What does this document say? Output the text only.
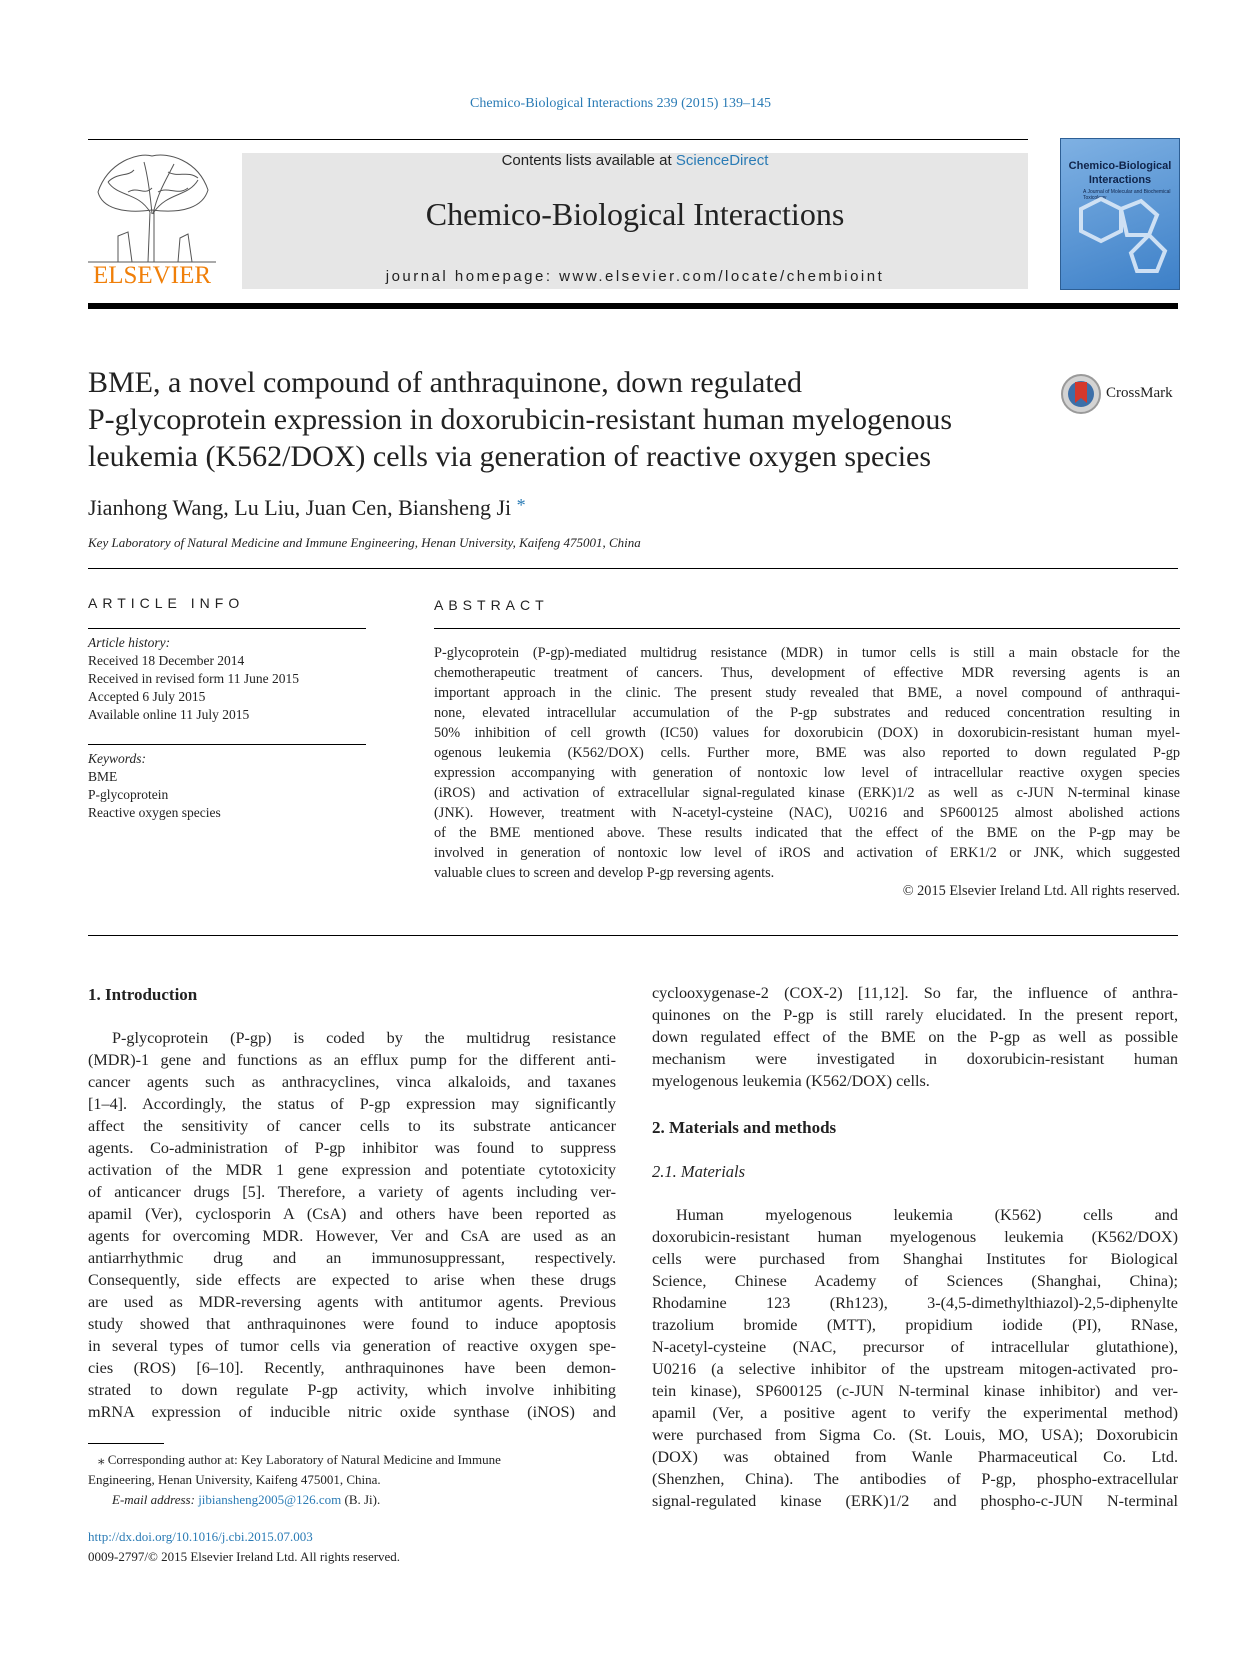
Chemico-Biological Interactions 239 (2015) 139–145
ELSEVIER
Contents lists available at ScienceDirect
Chemico-Biological Interactions
journal homepage: www.elsevier.com/locate/chembioint
Chemico-Biological Interactions
A Journal of Molecular and Biochemical Toxicology
BME, a novel compound of anthraquinone, down regulated
P-glycoprotein expression in doxorubicin-resistant human myelogenous
leukemia (K562/DOX) cells via generation of reactive oxygen species
CrossMark
Jianhong Wang, Lu Liu, Juan Cen, Biansheng Ji *
Key Laboratory of Natural Medicine and Immune Engineering, Henan University, Kaifeng 475001, China
ARTICLE INFO
Article history:
Received 18 December 2014
Received in revised form 11 June 2015
Accepted 6 July 2015
Available online 11 July 2015
Keywords:
BME
P-glycoprotein
Reactive oxygen species
ABSTRACT
P-glycoprotein (P-gp)-mediated multidrug resistance (MDR) in tumor cells is still a main obstacle for the
chemotherapeutic treatment of cancers. Thus, development of effective MDR reversing agents is an
important approach in the clinic. The present study revealed that BME, a novel compound of anthraqui-
none, elevated intracellular accumulation of the P-gp substrates and reduced concentration resulting in
50% inhibition of cell growth (IC50) values for doxorubicin (DOX) in doxorubicin-resistant human myel-
ogenous leukemia (K562/DOX) cells. Further more, BME was also reported to down regulated P-gp
expression accompanying with generation of nontoxic low level of intracellular reactive oxygen species
(iROS) and activation of extracellular signal-regulated kinase (ERK)1/2 as well as c-JUN N-terminal kinase
(JNK). However, treatment with N-acetyl-cysteine (NAC), U0216 and SP600125 almost abolished actions
of the BME mentioned above. These results indicated that the effect of the BME on the P-gp may be
involved in generation of nontoxic low level of iROS and activation of ERK1/2 or JNK, which suggested
valuable clues to screen and develop P-gp reversing agents.
© 2015 Elsevier Ireland Ltd. All rights reserved.
1. Introduction
P-glycoprotein (P-gp) is coded by the multidrug resistance
(MDR)-1 gene and functions as an efflux pump for the different anti-
cancer agents such as anthracyclines, vinca alkaloids, and taxanes
[1–4]. Accordingly, the status of P-gp expression may significantly
affect the sensitivity of cancer cells to its substrate anticancer
agents. Co-administration of P-gp inhibitor was found to suppress
activation of the MDR 1 gene expression and potentiate cytotoxicity
of anticancer drugs [5]. Therefore, a variety of agents including ver-
apamil (Ver), cyclosporin A (CsA) and others have been reported as
agents for overcoming MDR. However, Ver and CsA are used as an
antiarrhythmic drug and an immunosuppressant, respectively.
Consequently, side effects are expected to arise when these drugs
are used as MDR-reversing agents with antitumor agents. Previous
study showed that anthraquinones were found to induce apoptosis
in several types of tumor cells via generation of reactive oxygen spe-
cies (ROS) [6–10]. Recently, anthraquinones have been demon-
strated to down regulate P-gp activity, which involve inhibiting
mRNA expression of inducible nitric oxide synthase (iNOS) and
⁎ Corresponding author at: Key Laboratory of Natural Medicine and Immune
Engineering, Henan University, Kaifeng 475001, China.
E-mail address: jibiansheng2005@126.com (B. Ji).
http://dx.doi.org/10.1016/j.cbi.2015.07.003
0009-2797/© 2015 Elsevier Ireland Ltd. All rights reserved.
cyclooxygenase-2 (COX-2) [11,12]. So far, the influence of anthra-
quinones on the P-gp is still rarely elucidated. In the present report,
down regulated effect of the BME on the P-gp as well as possible
mechanism were investigated in doxorubicin-resistant human
myelogenous leukemia (K562/DOX) cells.
2. Materials and methods
2.1. Materials
Human myelogenous leukemia (K562) cells and
doxorubicin-resistant human myelogenous leukemia (K562/DOX)
cells were purchased from Shanghai Institutes for Biological
Science, Chinese Academy of Sciences (Shanghai, China);
Rhodamine 123 (Rh123), 3-(4,5-dimethylthiazol)-2,5-diphenylte
trazolium bromide (MTT), propidium iodide (PI), RNase,
N-acetyl-cysteine (NAC, precursor of intracellular glutathione),
U0216 (a selective inhibitor of the upstream mitogen-activated pro-
tein kinase), SP600125 (c-JUN N-terminal kinase inhibitor) and ver-
apamil (Ver, a positive agent to verify the experimental method)
were purchased from Sigma Co. (St. Louis, MO, USA); Doxorubicin
(DOX) was obtained from Wanle Pharmaceutical Co. Ltd.
(Shenzhen, China). The antibodies of P-gp, phospho-extracellular
signal-regulated kinase (ERK)1/2 and phospho-c-JUN N-terminal
